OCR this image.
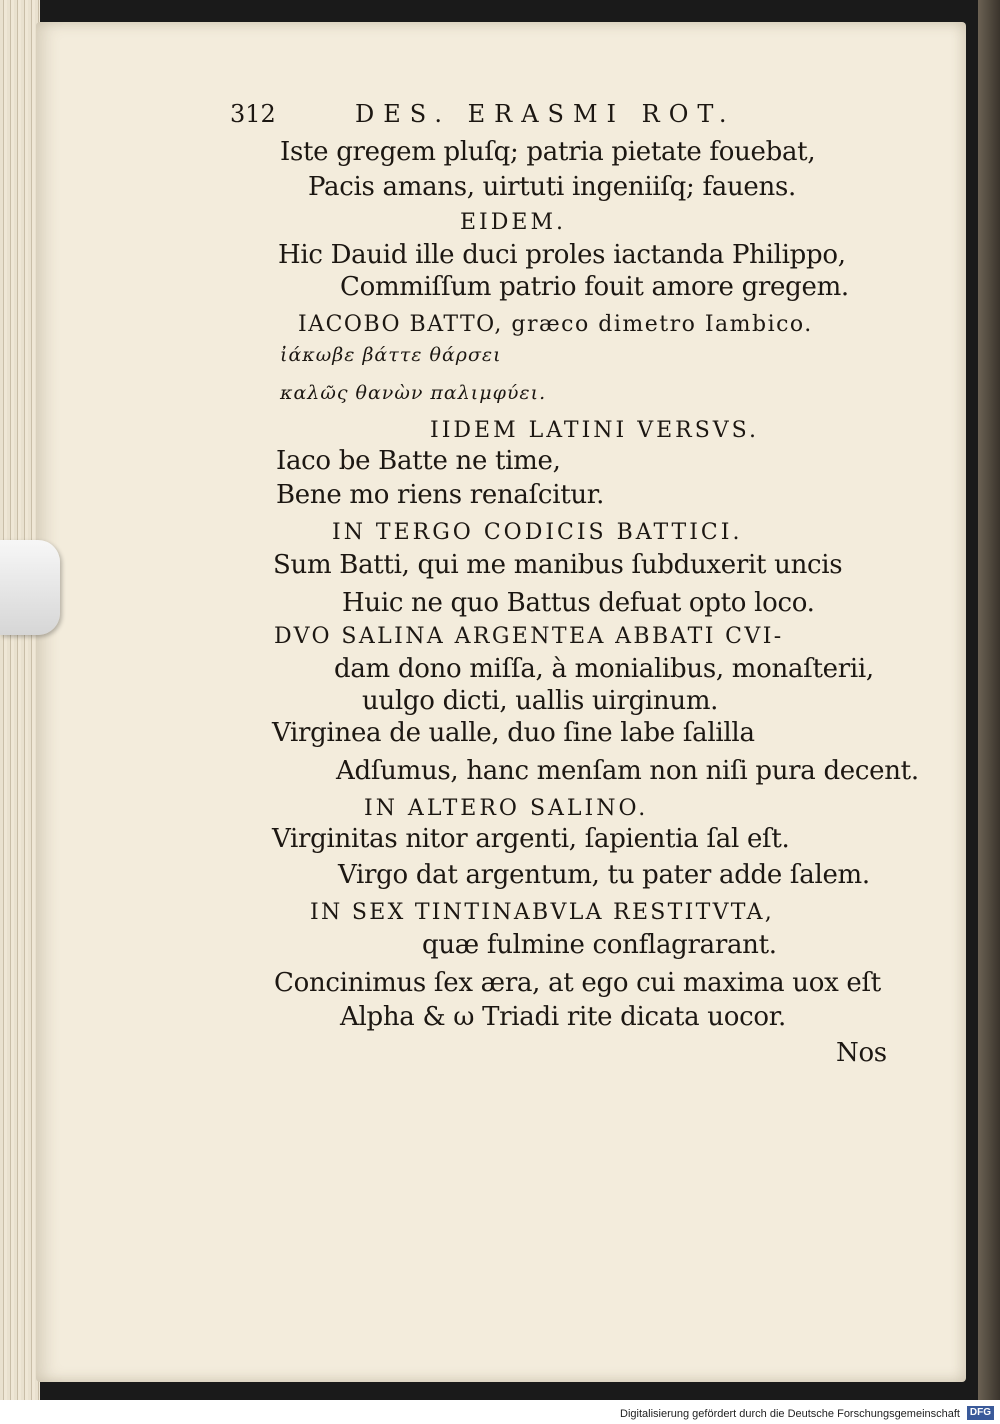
312	DES. ERASMI ROT.
Iste gregem pluſq; patria pietate fouebat,
Pacis amans, uirtuti ingeniiſq; fauens.
EIDEM.
Hic Dauid ille duci proles iactanda Philippo,
Commiſſum patrio fouit amore gregem.
IACOBO BATTO, græco dimetro Iambico.
ἰάκωβε βάττε θάρσει
καλῶς θανὼν παλιμφύει.
IIDEM LATINI VERSVS.
Iaco be Batte ne time,
Bene mo riens renaſcitur.
IN TERGO CODICIS BATTICI.
Sum Batti, qui me manibus ſubduxerit uncis
Huic ne quo Battus defuat opto loco.
DVO SALINA ARGENTEA ABBATI CVI-
dam dono miſſa, à monialibus, monaſterii,
uulgo dicti, uallis uirginum.
Virginea de ualle, duo ſine labe ſalilla
Adſumus, hanc menſam non niſi pura decent.
IN ALTERO SALINO.
Virginitas nitor argenti, ſapientia ſal eſt.
Virgo dat argentum, tu pater adde ſalem.
IN SEX TINTINABVLA RESTITVTA,
quæ fulmine conflagrarant.
Concinimus ſex æra, at ego cui maxima uox eſt
Alpha & ω Triadi rite dicata uocor.
Nos
Digitalisierung gefördert durch die Deutsche Forschungsgemeinschaft DFG
